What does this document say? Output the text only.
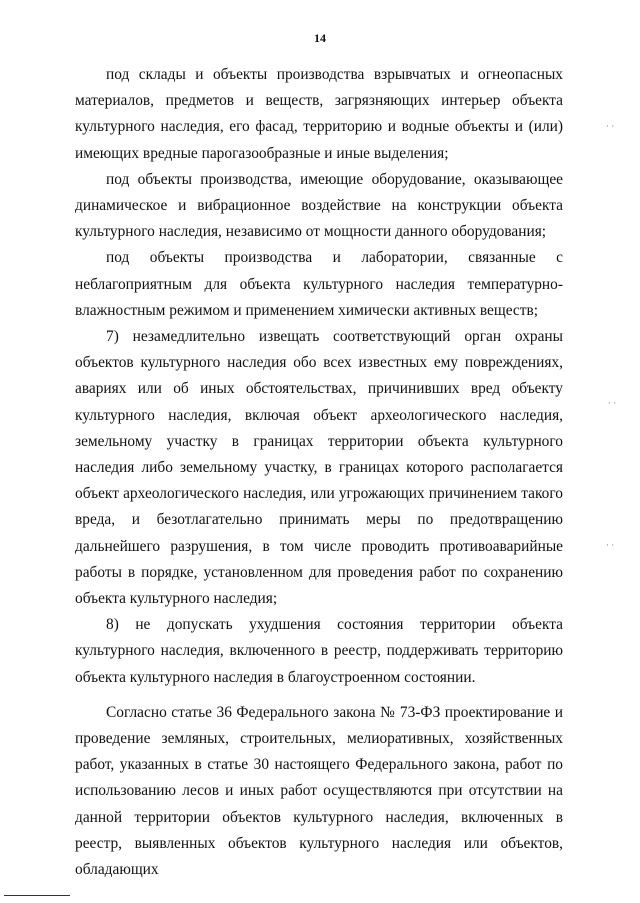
14

под склады и объекты производства взрывчатых и огнеопасных материалов, предметов и веществ, загрязняющих интерьер объекта культурного наследия, его фасад, территорию и водные объекты и (или) имеющих вредные парогазообразные и иные выделения;

под объекты производства, имеющие оборудование, оказывающее динамическое и вибрационное воздействие на конструкции объекта культурного наследия, независимо от мощности данного оборудования;

под объекты производства и лаборатории, связанные с неблагоприятным для объекта культурного наследия температурно-влажностным режимом и применением химически активных веществ;

7) незамедлительно извещать соответствующий орган охраны объектов культурного наследия обо всех известных ему повреждениях, авариях или об иных обстоятельствах, причинивших вред объекту культурного наследия, включая объект археологического наследия, земельному участку в границах территории объекта культурного наследия либо земельному участку, в границах которого располагается объект археологического наследия, или угрожающих причинением такого вреда, и безотлагательно принимать меры по предотвращению дальнейшего разрушения, в том числе проводить противоаварийные работы в порядке, установленном для проведения работ по сохранению объекта культурного наследия;

8) не допускать ухудшения состояния территории объекта культурного наследия, включенного в реестр, поддерживать территорию объекта культурного наследия в благоустроенном состоянии.

Согласно статье 36 Федерального закона № 73-ФЗ проектирование и проведение земляных, строительных, мелиоративных, хозяйственных работ, указанных в статье 30 настоящего Федерального закона, работ по использованию лесов и иных работ осуществляются при отсутствии на данной территории объектов культурного наследия, включенных в реестр, выявленных объектов культурного наследия или объектов, обладающих

· ·
· ·
· ·
